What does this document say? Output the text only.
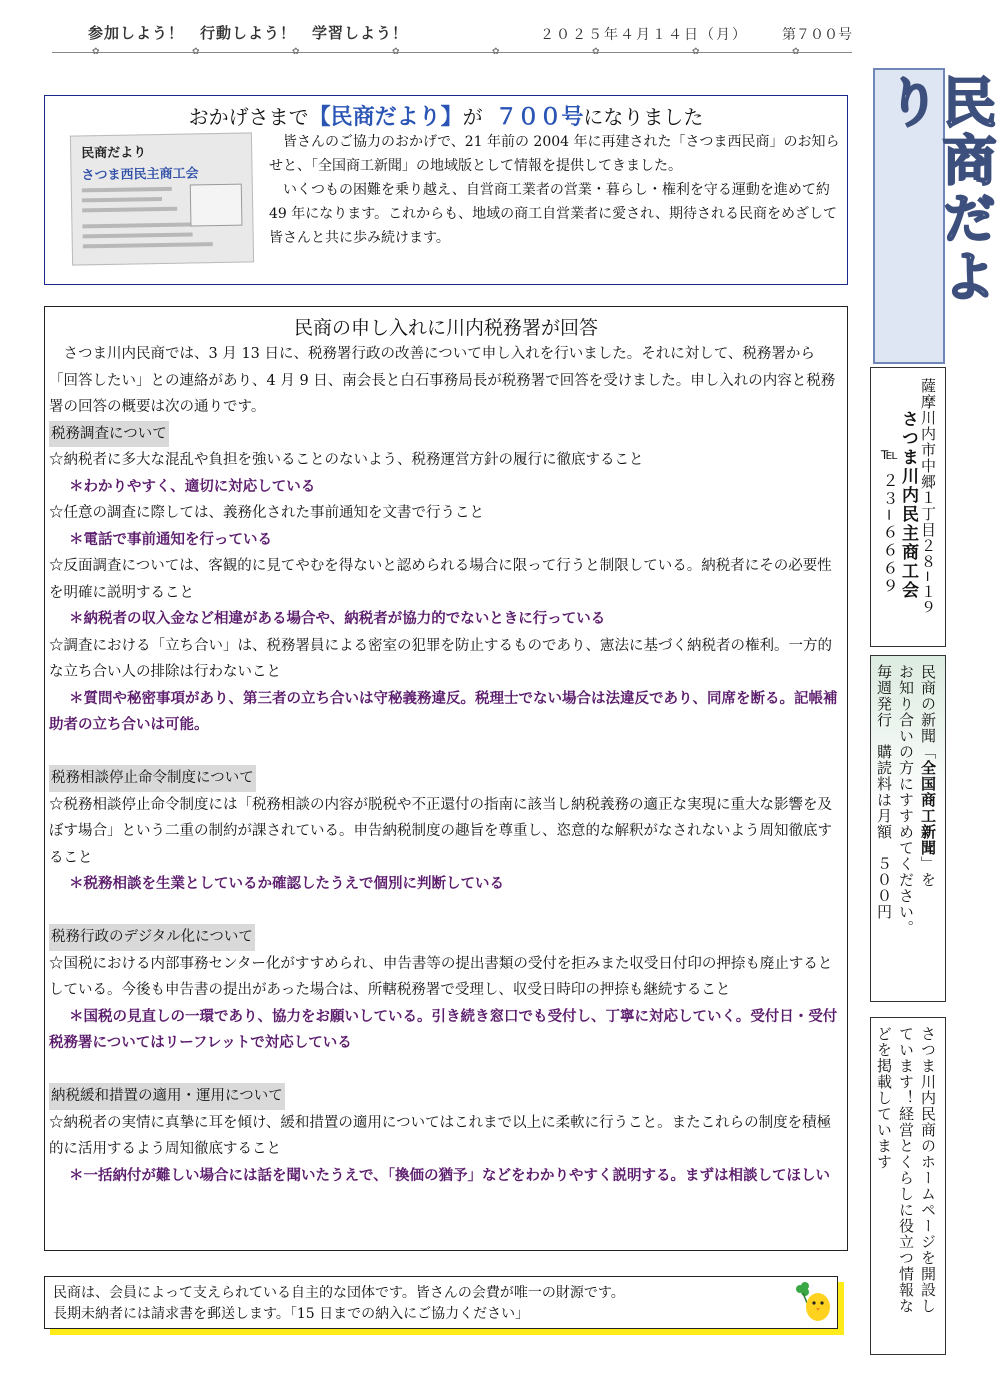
参加しよう！　行動しよう！　学習しよう！	２０２５年４月１４日（月） 第７００号
✿	✿	✿	✿	✿	✿	✿	✿
民商だより
薩摩川内市中郷１丁目２８−１９
さつま川内民主商工会
℡ ２３−６６６９
民商の新聞「全国商工新聞」を
お知り合いの方にすすめてください。
毎週発行　購読料は月額　５００円
さつま川内民商のホームページを開設し
ています！経営とくらしに役立つ情報な
どを掲載しています
おかげさまで【民商だより】が ７００号になりました
民商だより
さつま西民主商工会

皆さんのご協力のおかげで、21 年前の 2004 年に再建された「さつま西民商」のお知らせと、「全国商工新聞」の地域版として情報を提供してきました。

いくつもの困難を乗り越え、自営商工業者の営業・暮らし・権利を守る運動を進めて約 49 年になります。これからも、地域の商工自営業者に愛され、期待される民商をめざして皆さんと共に歩み続けます。

民商の申し入れに川内税務署が回答

さつま川内民商では、3 月 13 日に、税務署行政の改善について申し入れを行いました。それに対して、税務署から「回答したい」との連絡があり、4 月 9 日、南会長と白石事務局長が税務署で回答を受けました。申し入れの内容と税務署の回答の概要は次の通りです。

税務調査について

☆納税者に多大な混乱や負担を強いることのないよう、税務運営方針の履行に徹底すること

＊わかりやすく、適切に対応している

☆任意の調査に際しては、義務化された事前通知を文書で行うこと

＊電話で事前通知を行っている

☆反面調査については、客観的に見てやむを得ないと認められる場合に限って行うと制限している。納税者にその必要性を明確に説明すること

＊納税者の収入金など相違がある場合や、納税者が協力的でないときに行っている

☆調査における「立ち合い」は、税務署員による密室の犯罪を防止するものであり、憲法に基づく納税者の権利。一方的な立ち合い人の排除は行わないこと

＊質問や秘密事項があり、第三者の立ち合いは守秘義務違反。税理士でない場合は法違反であり、同席を断る。記帳補助者の立ち合いは可能。

税務相談停止命令制度について

☆税務相談停止命令制度には「税務相談の内容が脱税や不正還付の指南に該当し納税義務の適正な実現に重大な影響を及ぼす場合」という二重の制約が課されている。申告納税制度の趣旨を尊重し、恣意的な解釈がなされないよう周知徹底すること

＊税務相談を生業としているか確認したうえで個別に判断している

税務行政のデジタル化について

☆国税における内部事務センター化がすすめられ、申告書等の提出書類の受付を拒みまた収受日付印の押捺も廃止するとしている。今後も申告書の提出があった場合は、所轄税務署で受理し、収受日時印の押捺も継続すること

＊国税の見直しの一環であり、協力をお願いしている。引き続き窓口でも受付し、丁寧に対応していく。受付日・受付税務署についてはリーフレットで対応している

納税緩和措置の適用・運用について

☆納税者の実情に真摯に耳を傾け、緩和措置の適用についてはこれまで以上に柔軟に行うこと。またこれらの制度を積極的に活用するよう周知徹底すること

＊一括納付が難しい場合には話を聞いたうえで、「換価の猶予」などをわかりやすく説明する。まずは相談してほしい

民商は、会員によって支えられている自主的な団体です。皆さんの会費が唯一の財源です。

長期未納者には請求書を郵送します。「15 日までの納入にご協力ください」
